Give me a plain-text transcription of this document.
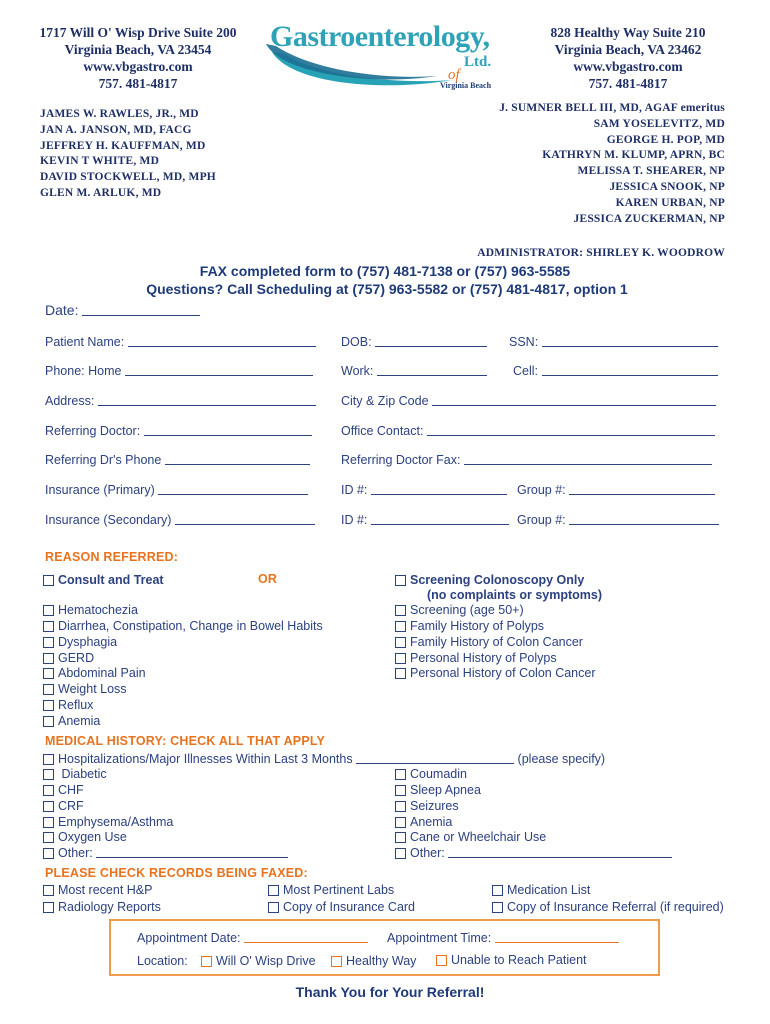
1717 Will O' Wisp Drive Suite 200
Virginia Beach, VA 23454
www.vbgastro.com
757. 481-4817
828 Healthy Way Suite 210
Virginia Beach, VA 23462
www.vbgastro.com
757. 481-4817
Gastroenterology,
Ltd.
of
Virginia Beach
JAMES W. RAWLES, JR., MD
JAN A. JANSON, MD, FACG
JEFFREY H. KAUFFMAN, MD
KEVIN T WHITE, MD
DAVID STOCKWELL, MD, MPH
GLEN M. ARLUK, MD
J. SUMNER BELL III, MD, AGAF emeritus
SAM YOSELEVITZ, MD
GEORGE H. POP, MD
KATHRYN M. KLUMP, APRN, BC
MELISSA T. SHEARER, NP
JESSICA SNOOK, NP
KAREN URBAN, NP
JESSICA ZUCKERMAN, NP
ADMINISTRATOR: SHIRLEY K. WOODROW
FAX completed form to (757) 481-7138 or (757) 963-5585
Questions? Call Scheduling at (757) 963-5582 or (757) 481-4817, option 1
Date:
Patient Name:	DOB:	SSN:
Phone: Home	Work:	Cell:
Address:	City & Zip Code
Referring Doctor:	Office Contact:
Referring Dr's Phone	Referring Doctor Fax:
Insurance (Primary)	ID #:	Group #:
Insurance (Secondary)	ID #:	Group #:
REASON REFERRED:
Consult and Treat	OR	Screening Colonoscopy Only
(no complaints or symptoms)
Hematochezia
Diarrhea, Constipation, Change in Bowel Habits
Dysphagia
GERD
Abdominal Pain
Weight Loss
Reflux
Anemia
Screening (age 50+)
Family History of Polyps
Family History of Colon Cancer
Personal History of Polyps
Personal History of Colon Cancer
MEDICAL HISTORY: CHECK ALL THAT APPLY
Hospitalizations/Major Illnesses Within Last 3 Months	(please specify)
Diabetic
CHF
CRF
Emphysema/Asthma
Oxygen Use
Other:
Coumadin
Sleep Apnea
Seizures
Anemia
Cane or Wheelchair Use
Other:
PLEASE CHECK RECORDS BEING FAXED:
Most recent H&P	Most Pertinent Labs	Medication List
Radiology Reports	Copy of Insurance Card	Copy of Insurance Referral (if required)
Appointment Date:	Appointment Time:
Location:	Will O' Wisp Drive	Healthy Way	Unable to Reach Patient
Thank You for Your Referral!
